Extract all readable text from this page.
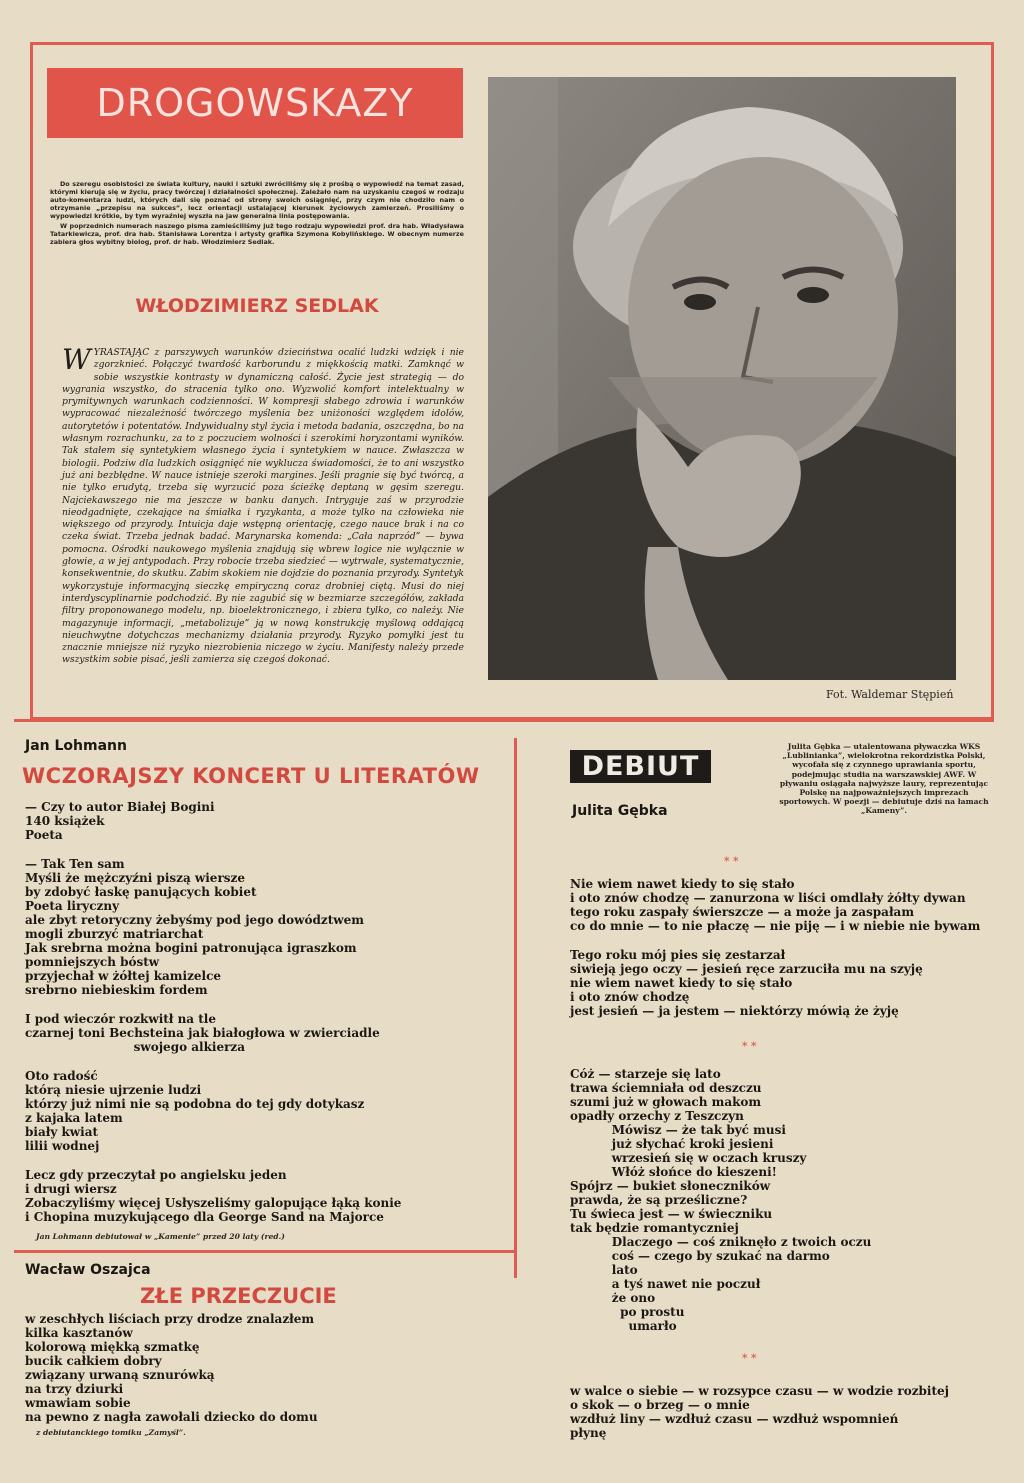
DROGOWSKAZY

Do szeregu osobistości ze świata kultury, nauki i sztuki zwróciliśmy się z prośbą o wypowiedź na temat zasad, którymi kierują się w życiu, pracy twórczej i działalności społecznej. Zależało nam na uzyskaniu czegoś w rodzaju auto-komentarza ludzi, których dali się poznać od strony swoich osiągnięć, przy czym nie chodziło nam o otrzymanie „przepisu na sukces”, lecz orientacji ustalającej kierunek życiowych zamierzeń. Prosiliśmy o wypowiedzi krótkie, by tym wyraźniej wyszła na jaw generalna linia postępowania.

W poprzednich numerach naszego pisma zamieściliśmy już tego rodzaju wypowiedzi prof. dra hab. Władysława Tatarkiewicza, prof. dra hab. Stanisława Lorentza i artysty grafika Szymona Kobylińskiego. W obecnym numerze zabiera głos wybitny biolog, prof. dr hab. Włodzimierz Sedlak.

WŁODZIMIERZ SEDLAK
WYRASTAJĄC z parszywych warunków dzieciństwa ocalić ludzki wdzięk i nie zgorzknieć. Połączyć twardość karborundu z miękkością matki. Zamknąć w sobie wszystkie kontrasty w dynamiczną całość. Życie jest strategią — do wygrania wszystko, do stracenia tylko ono. Wyzwolić komfort intelektualny w prymitywnych warunkach codzienności. W kompresji słabego zdrowia i warunków wypracować niezależność twórczego myślenia bez uniżoności względem idolów, autorytetów i potentatów. Indywidualny styl życia i metoda badania, oszczędna, bo na własnym rozrachunku, za to z poczuciem wolności i szerokimi horyzontami wyników. Tak stałem się syntetykiem własnego życia i syntetykiem w nauce. Zwłaszcza w biologii. Podziw dla ludzkich osiągnięć nie wyklucza świadomości, że to ani wszystko już ani bezbłędne. W nauce istnieje szeroki margines. Jeśli pragnie się być twórcą, a nie tylko erudytą, trzeba się wyrzucić poza ścieżkę deptaną w gęsim szeregu. Najciekawszego nie ma jeszcze w banku danych. Intryguje zaś w przyrodzie nieodgadnięte, czekające na śmiałka i ryzykanta, a może tylko na człowieka nie większego od przyrody. Intuicja daje wstępną orientację, czego nauce brak i na co czeka świat. Trzeba jednak badać. Marynarska komenda: „Cała naprzód” — bywa pomocna. Ośrodki naukowego myślenia znajdują się wbrew logice nie wyłącznie w głowie, a w jej antypodach. Przy robocie trzeba siedzieć — wytrwale, systematycznie, konsekwentnie, do skutku. Zabim skokiem nie dojdzie do poznania przyrody. Syntetyk wykorzystuje informacyjną sieczkę empiryczną coraz drobniej ciętą. Musi do niej interdyscyplinarnie podchodzić. By nie zagubić się w bezmiarze szczegółów, zakłada filtry proponowanego modelu, np. bioelektronicznego, i zbiera tylko, co należy. Nie magazynuje informacji, „metabolizuje” ją w nową konstrukcję myślową oddającą nieuchwytne dotychczas mechanizmy działania przyrody. Ryzyko pomyłki jest tu znacznie mniejsze niż ryzyko niezrobienia niczego w życiu. Manifesty należy przede wszystkim sobie pisać, jeśli zamierza się czegoś dokonać.
Fot. Waldemar Stępień
Jan Lohmann
WCZORAJSZY KONCERT U LITERATÓW
— Czy to autor Białej Bogini
140 książek
Poeta
— Tak Ten sam
Myśli że mężczyźni piszą wiersze
by zdobyć łaskę panujących kobiet
Poeta liryczny
ale zbyt retoryczny żebyśmy pod jego dowództwem
mogli zburzyć matriarchat
Jak srebrna można bogini patronująca igraszkom
pomniejszych bóstw
przyjechał w żółtej kamizelce
srebrno niebieskim fordem
I pod wieczór rozkwitł na tle
czarnej toni Bechsteina jak białogłowa w zwierciadle
swojego alkierza
Oto radość
którą niesie ujrzenie ludzi
którzy już nimi nie są podobna do tej gdy dotykasz
z kajaka latem
biały kwiat
lilii wodnej
Lecz gdy przeczytał po angielsku jeden
i drugi wiersz
Zobaczyliśmy więcej Usłyszeliśmy galopujące łąką konie
i Chopina muzykującego dla George Sand na Majorce
Jan Lohmann debiutował w „Kamenie” przed 20 laty (red.)
Wacław Oszajca
ZŁE PRZECZUCIE
w zeschłych liściach przy drodze znalazłem
kilka kasztanów
kolorową miękką szmatkę
bucik całkiem dobry
związany urwaną sznurówką
na trzy dziurki
wmawiam sobie
na pewno z nagła zawołali dziecko do domu
z debiutanckiego tomiku „Zamyśl”.
DEBIUT
Julita Gębka
Julita Gębka — utalentowana pływaczka WKS „Lublinianka”, wielokrotna rekordzistka Polski, wycofała się z czynnego uprawiania sportu, podejmując studia na warszawskiej AWF. W pływaniu osiągała najwyższe laury, reprezentując Polskę na najpoważniejszych imprezach sportowych. W poezji — debiutuje dziś na łamach „Kameny”.
* *
Nie wiem nawet kiedy to się stało
i oto znów chodzę — zanurzona w liści omdlały żółty dywan
tego roku zaspały świerszcze — a może ja zaspałam
co do mnie — to nie płaczę — nie piję — i w niebie nie bywam
Tego roku mój pies się zestarzał
siwieją jego oczy — jesień ręce zarzuciła mu na szyję
nie wiem nawet kiedy to się stało
i oto znów chodzę
jest jesień — ja jestem — niektórzy mówią że żyję
* *
Cóż — starzeje się lato
trawa ściemniała od deszczu
szumi już w głowach makom
opadły orzechy z Teszczyn
Mówisz — że tak być musi
już słychać kroki jesieni
wrzesień się w oczach kruszy
Włóż słońce do kieszeni!
Spójrz — bukiet słoneczników
prawda, że są prześliczne?
Tu świeca jest — w świeczniku
tak będzie romantyczniej
Dlaczego — coś zniknęło z twoich oczu
coś — czego by szukać na darmo
lato
a tyś nawet nie poczuł
że ono
po prostu
umarło
* *
w walce o siebie — w rozsypce czasu — w wodzie rozbitej
o skok — o brzeg — o mnie
wzdłuż liny — wzdłuż czasu — wzdłuż wspomnień
płynę
